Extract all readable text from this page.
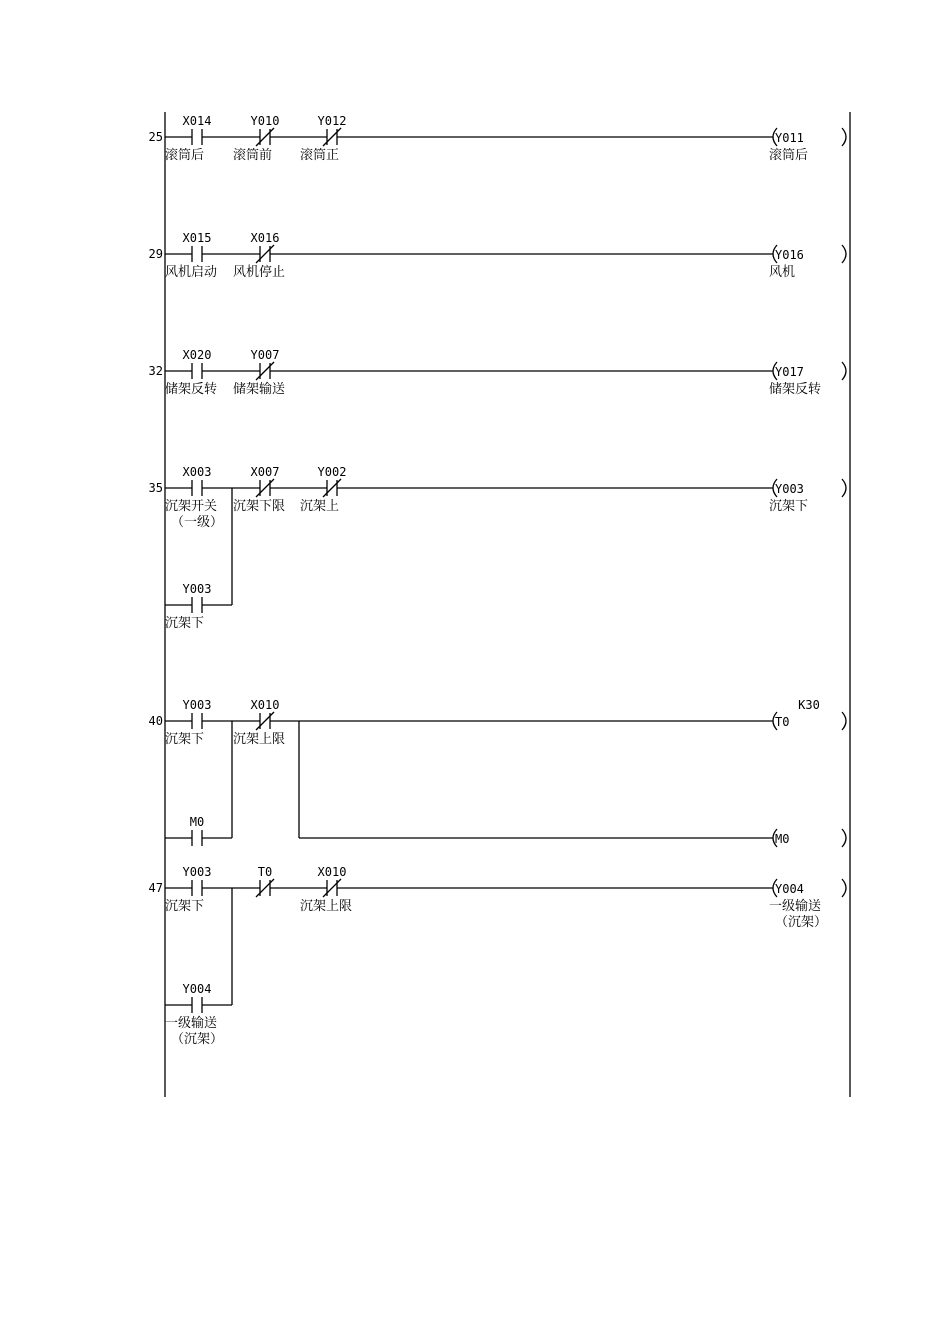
25
X014
滚筒后
Y010
滚筒前
Y012
滚筒正
Y011
滚筒后
29
X015
风机启动
X016
风机停止
Y016
风机
32
X020
储架反转
Y007
储架输送
Y017
储架反转
35
X003
沉架开关
（一级）
X007
沉架下限
Y002
沉架上
Y003
沉架下
Y003
沉架下
40
Y003
沉架下
X010
沉架上限
T0
K30
M0
M0
47
Y003
沉架下
T0	X010
沉架上限
Y004
一级输送
（沉架）
Y004
一级输送
（沉架）
